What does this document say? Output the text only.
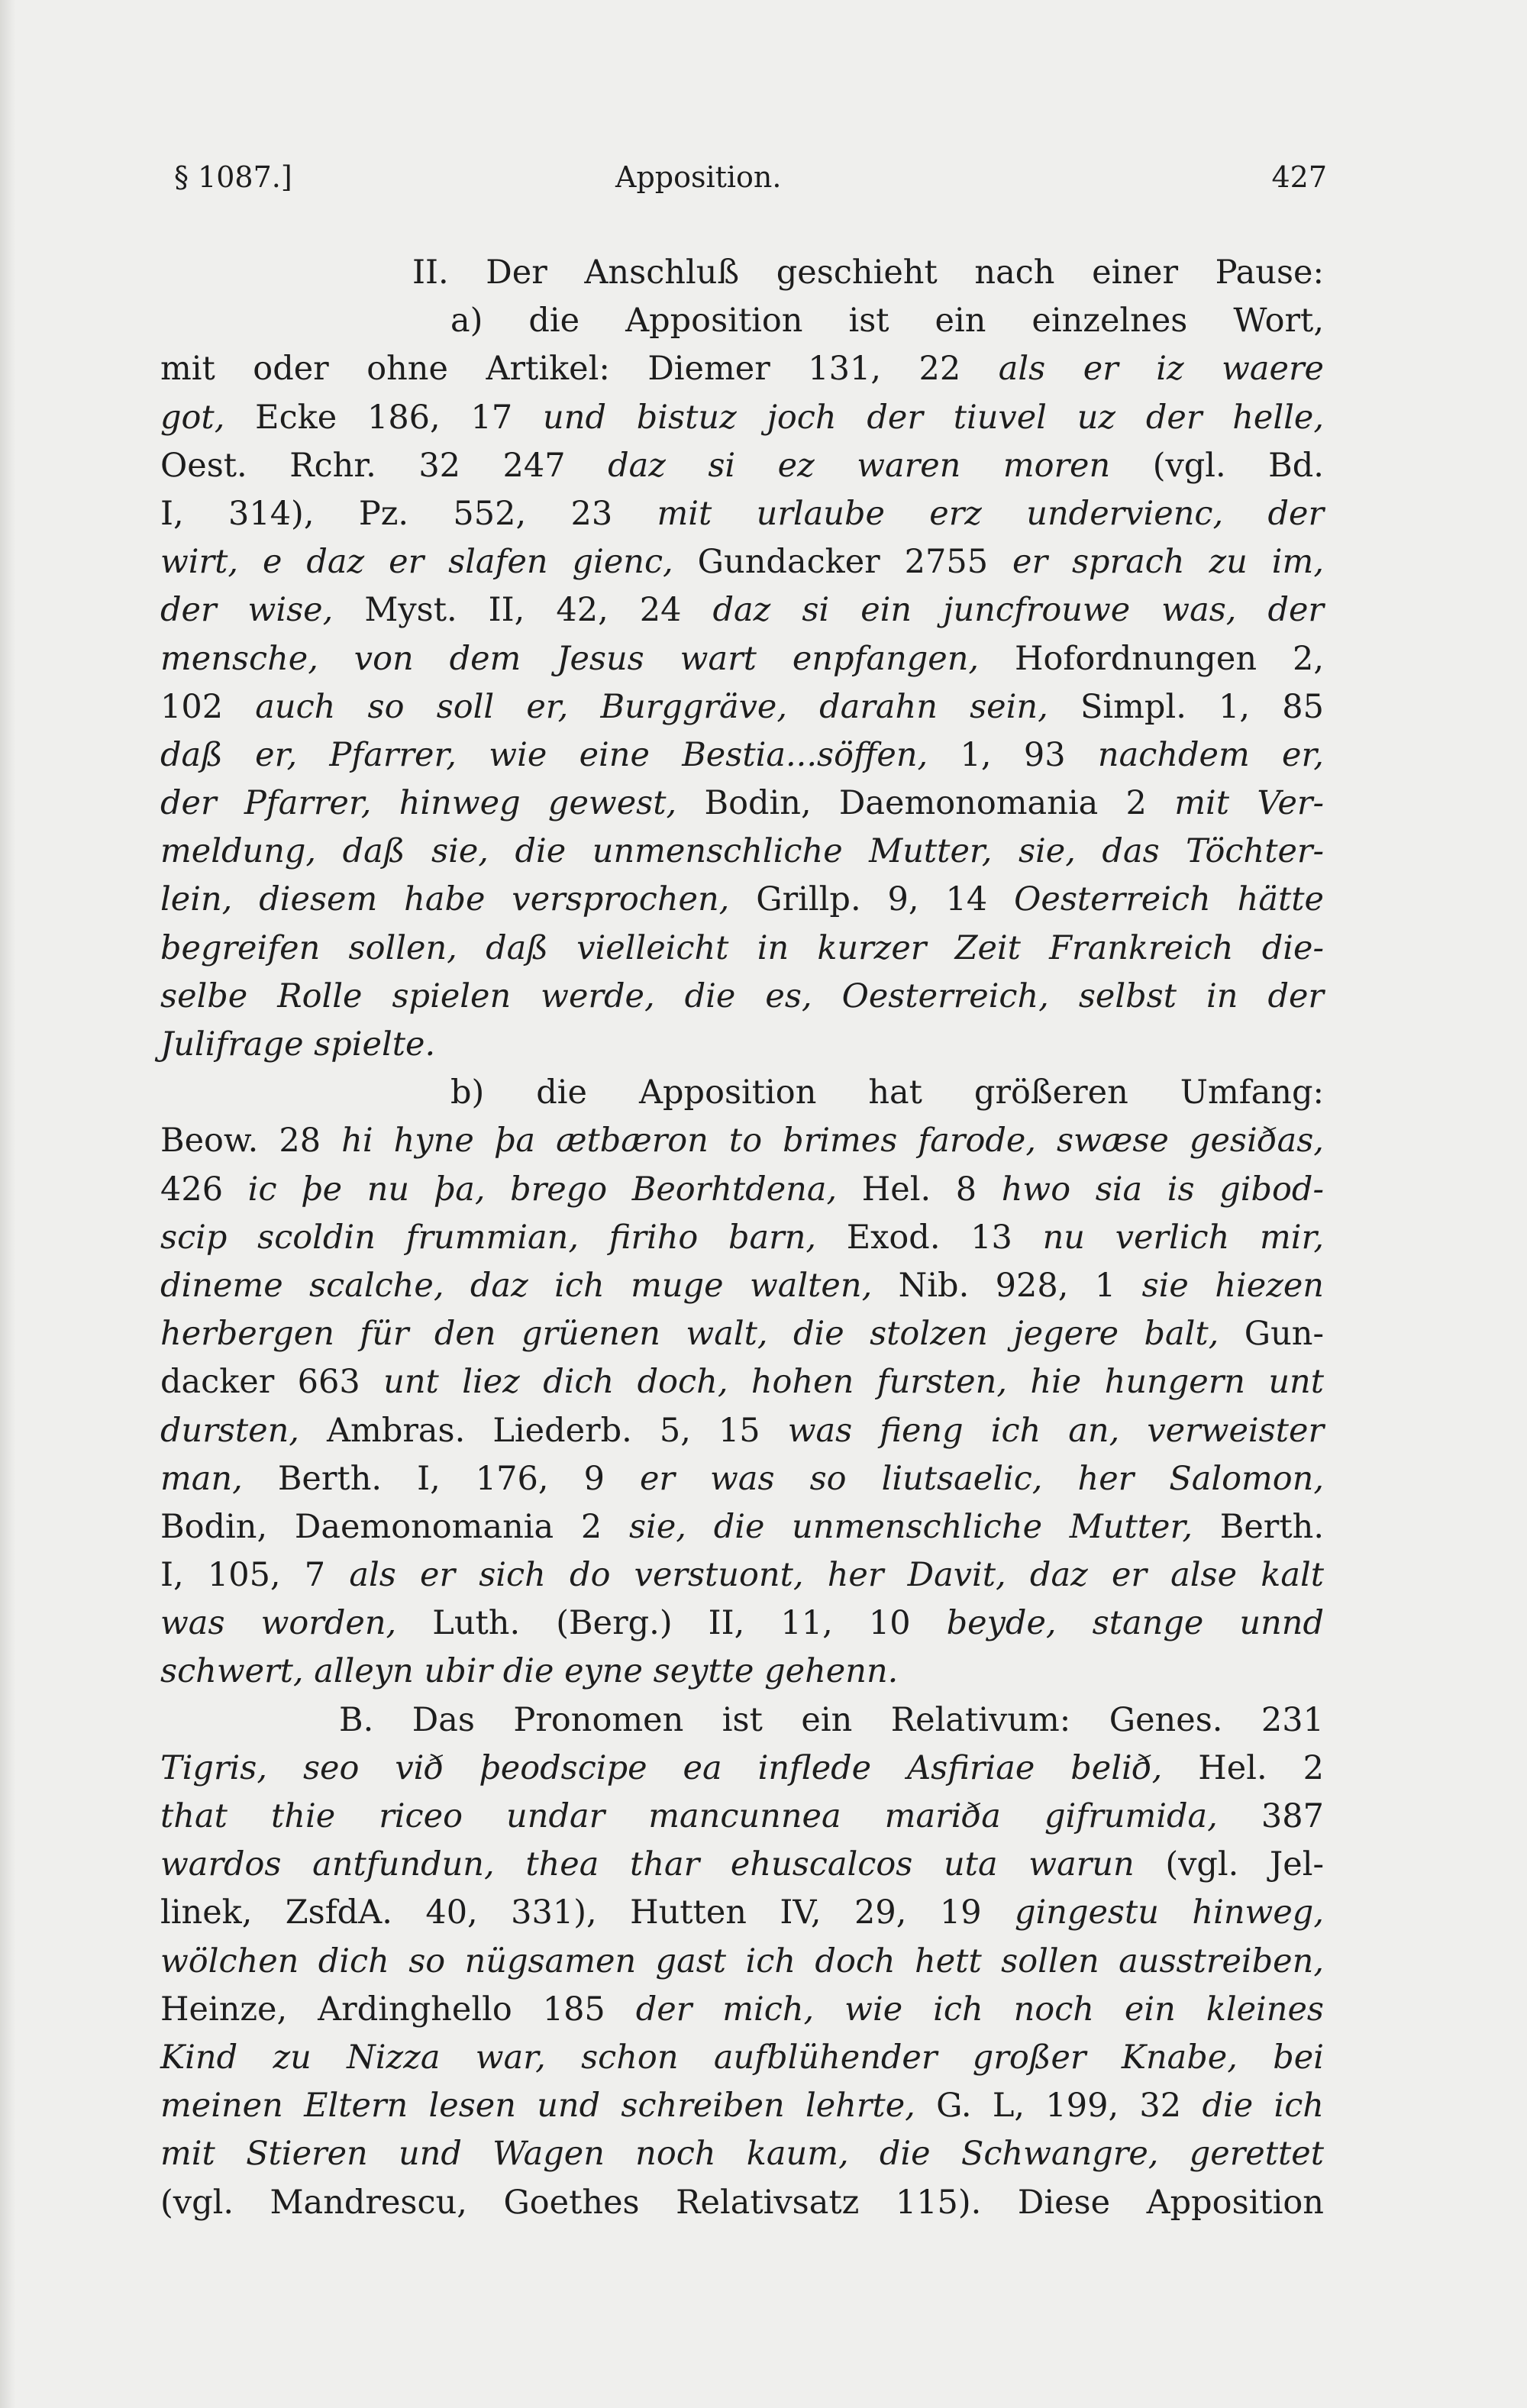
§ 1087.]	Apposition.	427
II. Der Anschluß geschieht nach einer Pause:
a) die Apposition ist ein einzelnes Wort,
mit oder ohne Artikel: Diemer 131, 22 als er iz waere
got, Ecke 186, 17 und bistuz joch der tiuvel uz der helle,
Oest. Rchr. 32 247 daz si ez waren moren (vgl. Bd.
I, 314), Pz. 552, 23 mit urlaube erz undervienc, der
wirt, e daz er slafen gienc, Gundacker 2755 er sprach zu im,
der wise, Myst. II, 42, 24 daz si ein juncfrouwe was, der
mensche, von dem Jesus wart enpfangen, Hofordnungen 2,
102 auch so soll er, Burggräve, darahn sein, Simpl. 1, 85
daß er, Pfarrer, wie eine Bestia...söffen, 1, 93 nachdem er,
der Pfarrer, hinweg gewest, Bodin, Daemonomania 2 mit Ver-
meldung, daß sie, die unmenschliche Mutter, sie, das Töchter-
lein, diesem habe versprochen, Grillp. 9, 14 Oesterreich hätte
begreifen sollen, daß vielleicht in kurzer Zeit Frankreich die-
selbe Rolle spielen werde, die es, Oesterreich, selbst in der
Julifrage spielte.
b) die Apposition hat größeren Umfang:
Beow. 28 hi hyne þa ætbæron to brimes farode, swæse gesiðas,
426 ic þe nu þa, brego Beorhtdena, Hel. 8 hwo sia is gibod-
scip scoldin frummian, firiho barn, Exod. 13 nu verlich mir,
dineme scalche, daz ich muge walten, Nib. 928, 1 sie hiezen
herbergen für den grüenen walt, die stolzen jegere balt, Gun-
dacker 663 unt liez dich doch, hohen fursten, hie hungern unt
dursten, Ambras. Liederb. 5, 15 was fieng ich an, verweister
man, Berth. I, 176, 9 er was so liutsaelic, her Salomon,
Bodin, Daemonomania 2 sie, die unmenschliche Mutter, Berth.
I, 105, 7 als er sich do verstuont, her Davit, daz er alse kalt
was worden, Luth. (Berg.) II, 11, 10 beyde, stange unnd
schwert, alleyn ubir die eyne seytte gehenn.
B. Das Pronomen ist ein Relativum: Genes. 231
Tigris, seo við þeodscipe ea inflede Asfiriae belið, Hel. 2
that thie riceo undar mancunnea mariða gifrumida, 387
wardos antfundun, thea thar ehuscalcos uta warun (vgl. Jel-
linek, ZsfdA. 40, 331), Hutten IV, 29, 19 gingestu hinweg,
wölchen dich so nügsamen gast ich doch hett sollen ausstreiben,
Heinze, Ardinghello 185 der mich, wie ich noch ein kleines
Kind zu Nizza war, schon aufblühender großer Knabe, bei
meinen Eltern lesen und schreiben lehrte, G. L, 199, 32 die ich
mit Stieren und Wagen noch kaum, die Schwangre, gerettet
(vgl. Mandrescu, Goethes Relativsatz 115). Diese Apposition
